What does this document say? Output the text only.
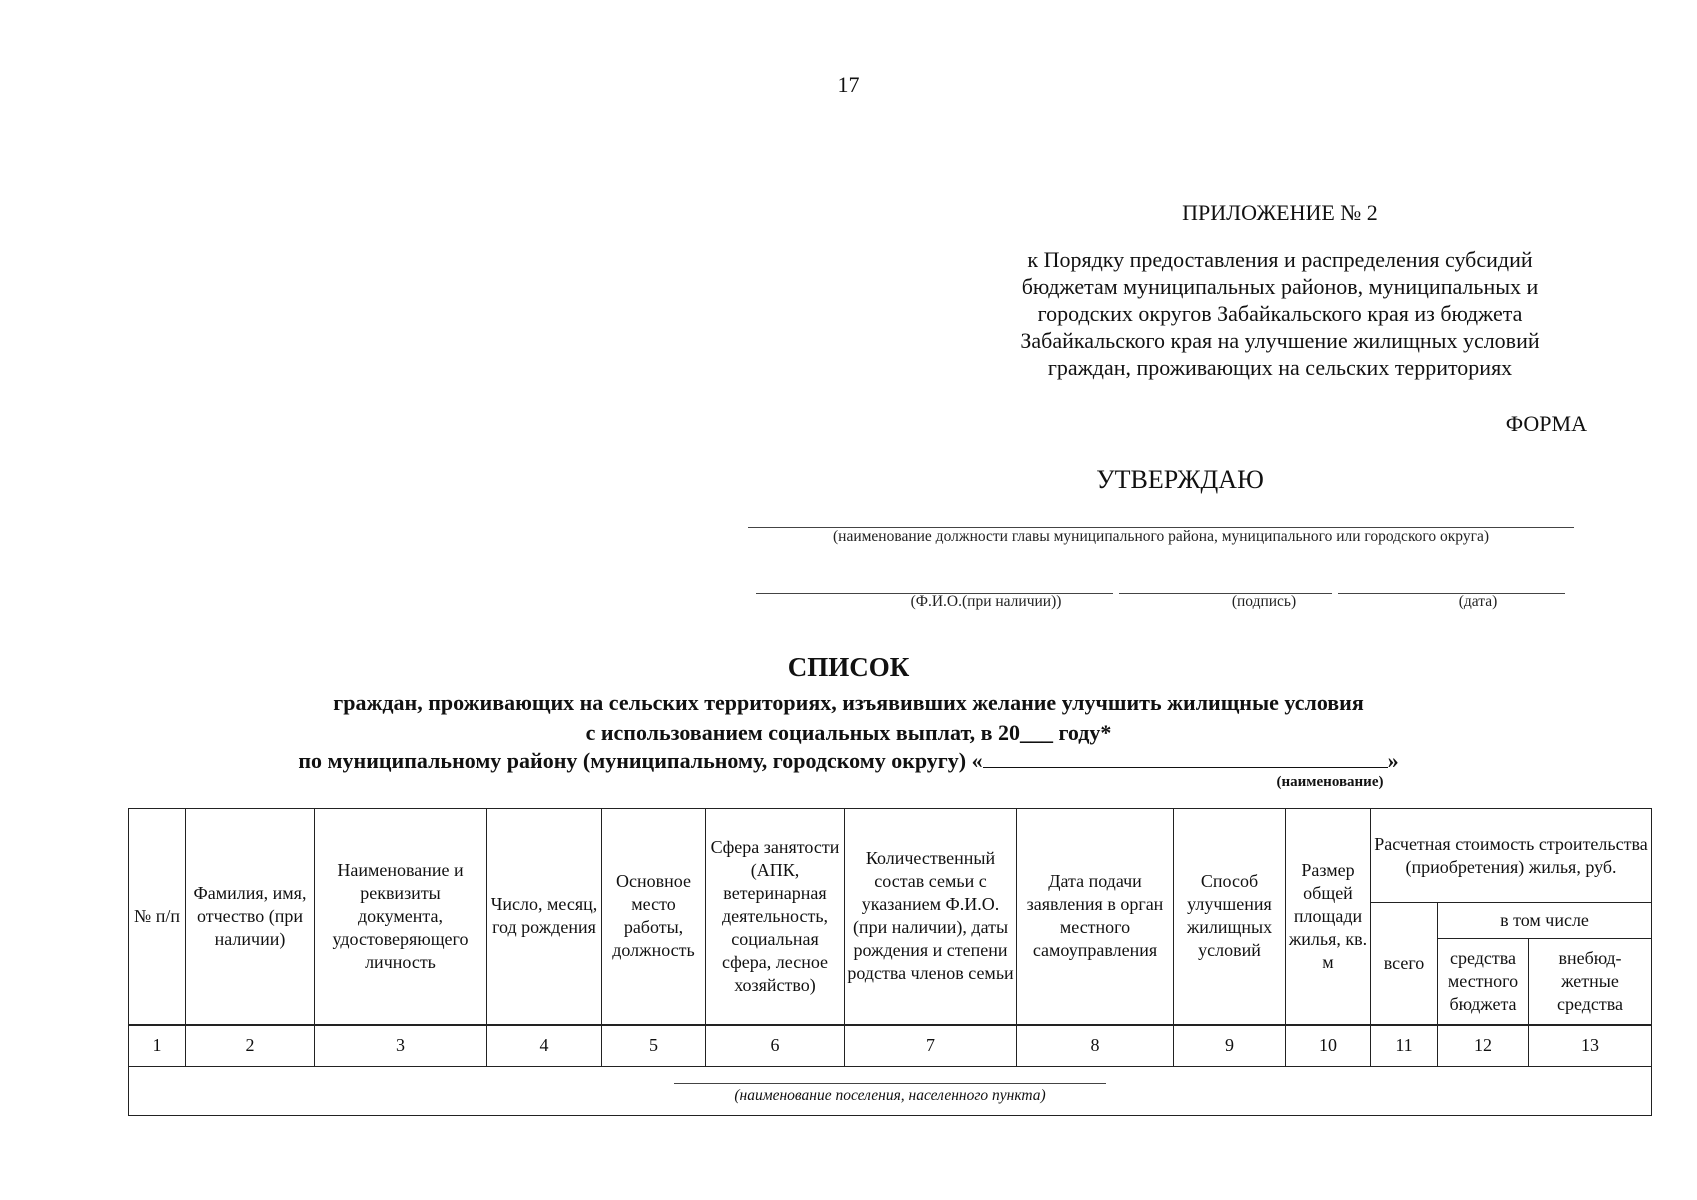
17
ПРИЛОЖЕНИЕ № 2
к Порядку предоставления и распределения субсидий
бюджетам муниципальных районов, муниципальных и
городских округов Забайкальского края из бюджета
Забайкальского края на улучшение жилищных условий
граждан, проживающих на сельских территориях
ФОРМА
УТВЕРЖДАЮ
(наименование должности главы муниципального района, муниципального или городского округа)
(Ф.И.О.(при наличии))	(подпись)	(дата)
СПИСОК
граждан, проживающих на сельских территориях, изъявивших желание улучшить жилищные условия
с использованием социальных выплат, в 20___ году*
по муниципальному району (муниципальному, городскому округу) «	»
(наименование)
№ п/п	Фамилия, имя, отчество (при наличии)	Наименование и реквизиты документа, удостоверяющего личность	Число, месяц, год рождения	Основное место работы, должность	Сфера занятости (АПК, ветеринарная деятельность, социальная сфера, лесное хозяйство)	Количественный состав семьи с указанием Ф.И.О. (при наличии), даты рождения и степени родства членов семьи	Дата подачи заявления в орган местного самоуправления	Способ улучшения жилищных условий	Размер общей площади жилья, кв. м	Расчетная стоимость строительства (приобретения) жилья, руб.		
										всего	в том числе	
											средства местного бюджета	внебюд-жетные средства
1	2	3	4	5	6	7	8	9	10	11	12	13

(наименование поселения, населенного пункта)												
